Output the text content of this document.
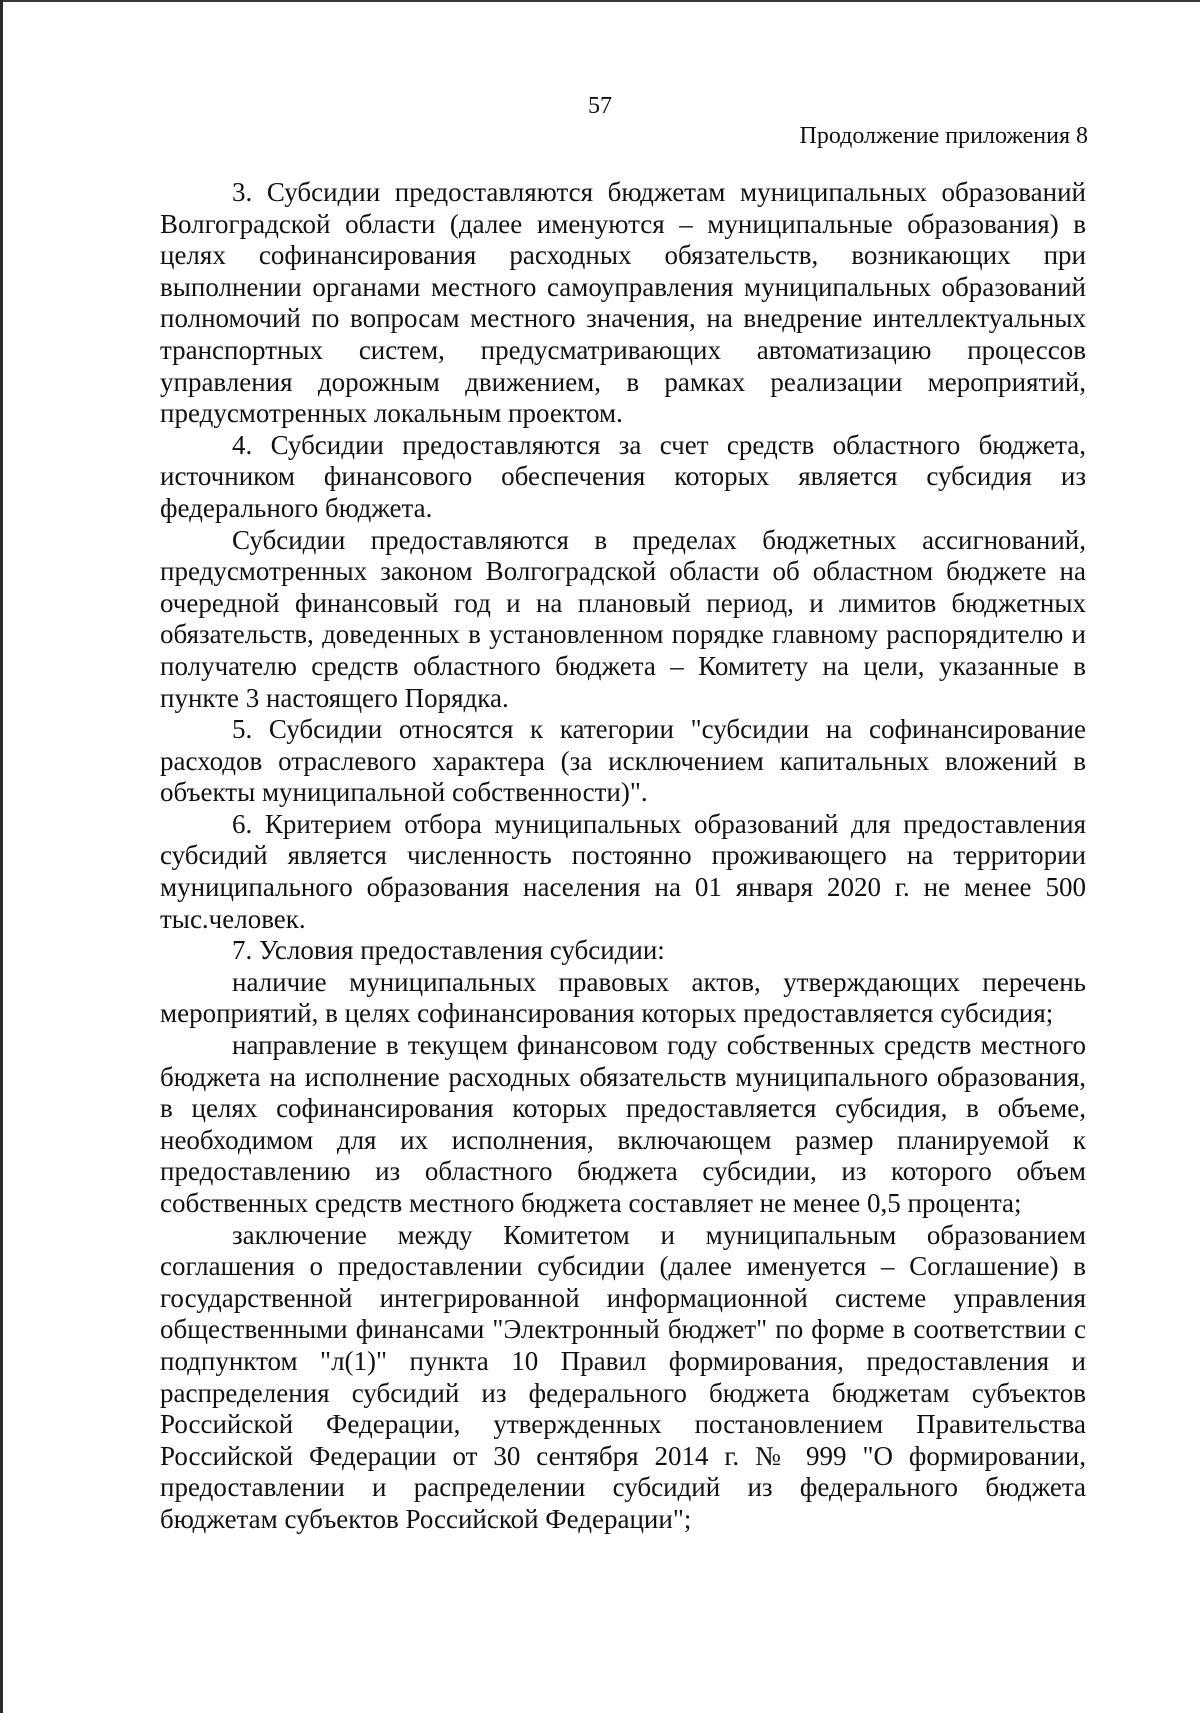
57
Продолжение приложения 8

3. Субсидии предоставляются бюджетам муниципальных образований Волгоградской области (далее именуются – муниципальные образования) в целях софинансирования расходных обязательств, возникающих при выполнении органами местного самоуправления муниципальных образований полномочий по вопросам местного значения, на внедрение интеллектуальных транспортных систем, предусматривающих автоматизацию процессов управления дорожным движением, в рамках реализации мероприятий, предусмотренных локальным проектом.

4. Субсидии предоставляются за счет средств областного бюджета, источником финансового обеспечения которых является субсидия из федерального бюджета.

Субсидии предоставляются в пределах бюджетных ассигнований, предусмотренных законом Волгоградской области об областном бюджете на очередной финансовый год и на плановый период, и лимитов бюджетных обязательств, доведенных в установленном порядке главному распорядителю и получателю средств областного бюджета – Комитету на цели, указанные в пункте 3 настоящего Порядка.

5. Субсидии относятся к категории "субсидии на софинансирование расходов отраслевого характера (за исключением капитальных вложений в объекты муниципальной собственности)".

6. Критерием отбора муниципальных образований для предоставления субсидий является численность постоянно проживающего на территории муниципального образования населения на 01 января 2020 г. не менее 500 тыс.человек.

7. Условия предоставления субсидии:

наличие муниципальных правовых актов, утверждающих перечень мероприятий, в целях софинансирования которых предоставляется субсидия;

направление в текущем финансовом году собственных средств местного бюджета на исполнение расходных обязательств муниципального образования, в целях софинансирования которых предоставляется субсидия, в объеме, необходимом для их исполнения, включающем размер планируемой к предоставлению из областного бюджета субсидии, из которого объем собственных средств местного бюджета составляет не менее 0,5 процента;

заключение между Комитетом и муниципальным образованием соглашения о предоставлении субсидии (далее именуется – Соглашение) в государственной интегрированной информационной системе управления общественными финансами "Электронный бюджет" по форме в соответствии с подпунктом "л(1)" пункта 10 Правил формирования, предоставления и распределения субсидий из федерального бюджета бюджетам субъектов Российской Федерации, утвержденных постановлением Правительства Российской Федерации от 30 сентября 2014 г. № 999 "О формировании, предоставлении и распределении субсидий из федерального бюджета бюджетам субъектов Российской Федерации";
